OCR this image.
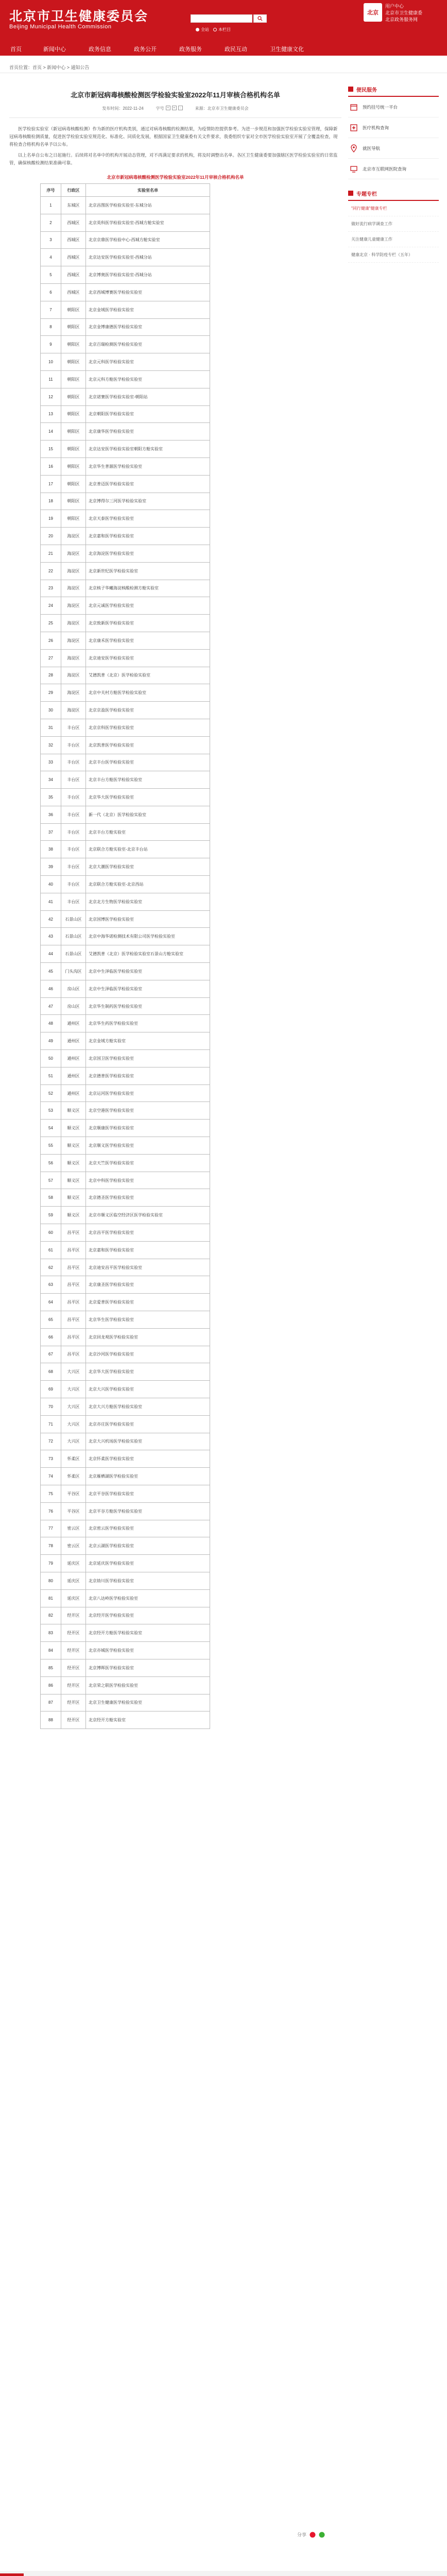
北京市卫生健康委员会
Beijing Municipal Health Commission	全站 本栏目
北京
用户中心
北京市卫生健康委
北京政务服务网
首页	新闻中心	政务信息	政务公开	政务服务	政民互动	卫生健康文化
首页位置：首页 > 新闻中心 > 通知公告
北京市新冠病毒核酸检测医学检验实验室2022年11月审核合格机构名单
发布时间：2022-11-24	字号 +	=	-	来源：北京市卫生健康委员会

医学检验实验室（新冠病毒核酸检测）作为新的医疗机构类别，通过对病毒核酸的检测结果，为疫情防控提供参考。为进一步规范和加强医学检验实验室管理，保障新冠病毒核酸检测质量，促进医学检验实验室规范化、标准化、同质化发展，根据国家卫生健康委有关文件要求，我委组织专家对全市医学检验实验室开展了全覆盖检查，现将检查合格机构名单予以公布。

以上名单自公布之日起施行。后续将对名单中的机构开展动态管理，对不再满足要求的机构，将及时调整出名单。各区卫生健康委要加强辖区医学检验实验室的日常监管，确保核酸检测结果准确可靠。

北京市新冠病毒核酸检测医学检验实验室2022年11月审核合格机构名单
序号	行政区	实验室名单
1	东城区	北京昌图医学检验实验室-东城分站
2	西城区	北京英科医学检验实验室-西城方舱实验室
3	西城区	北京京鼎医学检验中心-西城方舱实验室
4	西城区	北京达安医学检验实验室-西城分站
5	西城区	北京博奥医学检验实验室-西城分站
6	西城区	北京西城博赛医学检验实验室
7	朝阳区	北京金域医学检验实验室
8	朝阳区	北京金博康德医学检验实验室
9	朝阳区	北京百瑞检测医学检验实验室
10	朝阳区	北京元科医学检验实验室
11	朝阳区	北京元科方舱医学检验实验室
12	朝阳区	北京诺赛医学检验实验室-朝阳站
13	朝阳区	北京朝阳医学检验实验室
14	朝阳区	北京康华医学检验实验室
15	朝阳区	北京达安医学检验实验室朝阳方舱实验室
16	朝阳区	北京华生普源医学检验实验室
17	朝阳区	北京普迈医学检验实验室
18	朝阳区	北京博得尔三河医学检验实验室
19	朝阳区	北京天泰医学检验实验室
20	海淀区	北京嘉和医学检验实验室
21	海淀区	北京海淀医学检验实验室
22	海淀区	北京新世纪医学检验实验室
23	海淀区	北京核子华曦海淀核酸检测方舱实验室
24	海淀区	北京元诚医学检验实验室
25	海淀区	北京致新医学检验实验室
26	海淀区	北京康禾医学检验实验室
27	海淀区	北京迪安医学检验实验室
28	海淀区	艾德凯普（北京）医学检验实验室
29	海淀区	北京中关村方舱医学检验实验室
30	海淀区	北京京盈医学检验实验室
31	丰台区	北京京科医学检验实验室
32	丰台区	北京凯普医学检验实验室
33	丰台区	北京丰台医学检验实验室
34	丰台区	北京丰台方舱医学检验实验室
35	丰台区	北京华大医学检验实验室
36	丰台区	新一代（北京）医学检验实验室
37	丰台区	北京丰台方舱实验室
38	丰台区	北京联合方舱实验室-北京丰台站
39	丰台区	北京大潮医学检验实验室
40	丰台区	北京联合方舱实验室-北京西站
41	丰台区	北京北方生物医学检验实验室
42	石景山区	北京国博医学检验实验室
43	石景山区	北京中海华诺检测技术有限公司医学检验实验室
44	石景山区	艾德凯普（北京）医学检验实验室石景山方舱实验室
45	门头沟区	北京中生泽临医学检验实验室
46	房山区	北京中生泽临医学检验实验室
47	房山区	北京华生制药医学检验实验室
48	通州区	北京华生药医学检验实验室
49	通州区	北京金域方舱实验室
50	通州区	北京国卫医学检验实验室
51	通州区	北京德普医学检验实验室
52	通州区	北京运河医学检验实验室
53	顺义区	北京空港医学检验实验室
54	顺义区	北京顺康医学检验实验室
55	顺义区	北京顺义医学检验实验室
56	顺义区	北京天竺医学检验实验室
57	顺义区	北京中科医学检验实验室
58	顺义区	北京德圣医学检验实验室
59	顺义区	北京市顺义区临空经济区医学检验实验室
60	昌平区	北京昌平医学检验实验室
61	昌平区	北京嘉和医学检验实验室
62	昌平区	北京迪安昌平医学检验实验室
63	昌平区	北京康圣医学检验实验室
64	昌平区	北京爱普医学检验实验室
65	昌平区	北京华生医学检验实验室
66	昌平区	北京回龙观医学检验实验室
67	昌平区	北京沙河医学检验实验室
68	大兴区	北京华大医学检验实验室
69	大兴区	北京大兴医学检验实验室
70	大兴区	北京大兴方舱医学检验实验室
71	大兴区	北京亦庄医学检验实验室
72	大兴区	北京大兴机场医学检验实验室
73	怀柔区	北京怀柔医学检验实验室
74	怀柔区	北京雁栖湖医学检验实验室
75	平谷区	北京平谷医学检验实验室
76	平谷区	北京平谷方舱医学检验实验室
77	密云区	北京密云医学检验实验室
78	密云区	北京云湖医学检验实验室
79	延庆区	北京延庆医学检验实验室
80	延庆区	北京妫川医学检验实验室
81	延庆区	北京八达岭医学检验实验室
82	经开区	北京经开医学检验实验室
83	经开区	北京经开方舱医学检验实验室
84	经开区	北京亦城医学检验实验室
85	经开区	北京博晖医学检验实验室
86	经开区	北京荣之联医学检验实验室
87	经开区	北京卫生健康医学检验实验室
88	经开区	北京经开方舱实验室
分享
便民服务
预约挂号统一平台
医疗机构查询
就医导航
北京市互联网医院查询
专题专栏
"同行健康"健康专栏
做好流行病学调查工作
关注健康儿童健康工作
健康北京 · 科学防疫专栏（五年）
